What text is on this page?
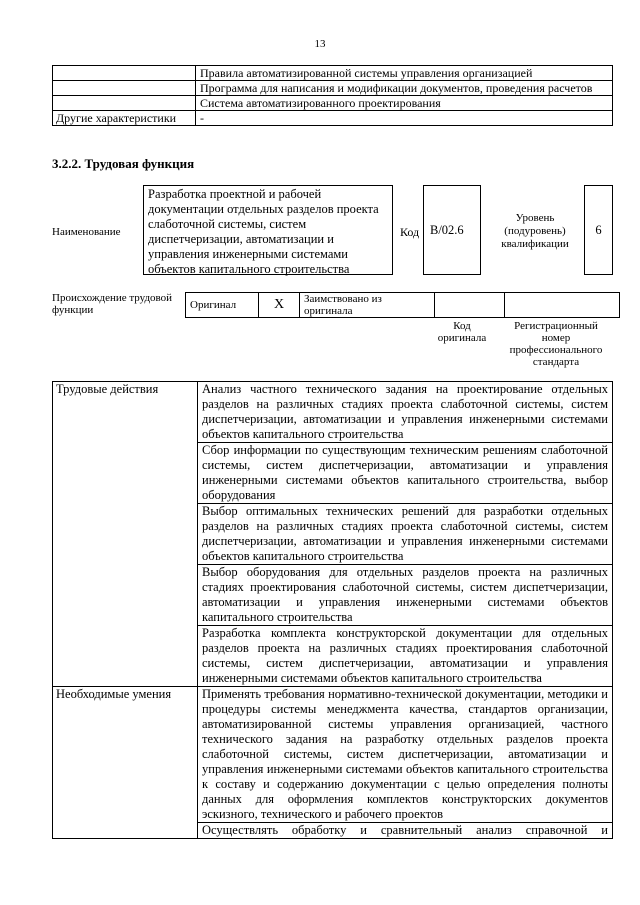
13
	Правила автоматизированной системы управления организацией
	Программа для написания и модификации документов, проведения расчетов
	Система автоматизированного проектирования
Другие характеристики	-
3.2.2. Трудовая функция
Наименование
Разработка проектной и рабочей документации отдельных разделов проекта слаботочной системы, систем диспетчеризации, автоматизации и управления инженерными системами объектов капитального строительства
Код B/02.6
Уровень (подуровень) квалификации
6
Происхождение трудовой функции	Оригинал	X	Заимствовано из оригинала		
Код оригинала
Регистрационный номер профессионального стандарта
Трудовые действия	Анализ частного технического задания на проектирование отдельных разделов на различных стадиях проекта слаботочной системы, систем диспетчеризации, автоматизации и управления инженерными системами объектов капитального строительства
	Сбор информации по существующим техническим решениям слаботочной системы, систем диспетчеризации, автоматизации и управления инженерными системами объектов капитального строительства, выбор оборудования
	Выбор оптимальных технических решений для разработки отдельных разделов на различных стадиях проекта слаботочной системы, систем диспетчеризации, автоматизации и управления инженерными системами объектов капитального строительства
	Выбор оборудования для отдельных разделов проекта на различных стадиях проектирования слаботочной системы, систем диспетчеризации, автоматизации и управления инженерными системами объектов капитального строительства
	Разработка комплекта конструкторской документации для отдельных разделов проекта на различных стадиях проектирования слаботочной системы, систем диспетчеризации, автоматизации и управления инженерными системами объектов капитального строительства
Необходимые умения	Применять требования нормативно-технической документации, методики и процедуры системы менеджмента качества, стандартов организации, автоматизированной системы управления организацией, частного технического задания на разработку отдельных разделов проекта слаботочной системы, систем диспетчеризации, автоматизации и управления инженерными системами объектов капитального строительства к составу и содержанию документации с целью определения полноты данных для оформления комплектов конструкторских документов эскизного, технического и рабочего проектов
	Осуществлять обработку и сравнительный анализ справочной и
